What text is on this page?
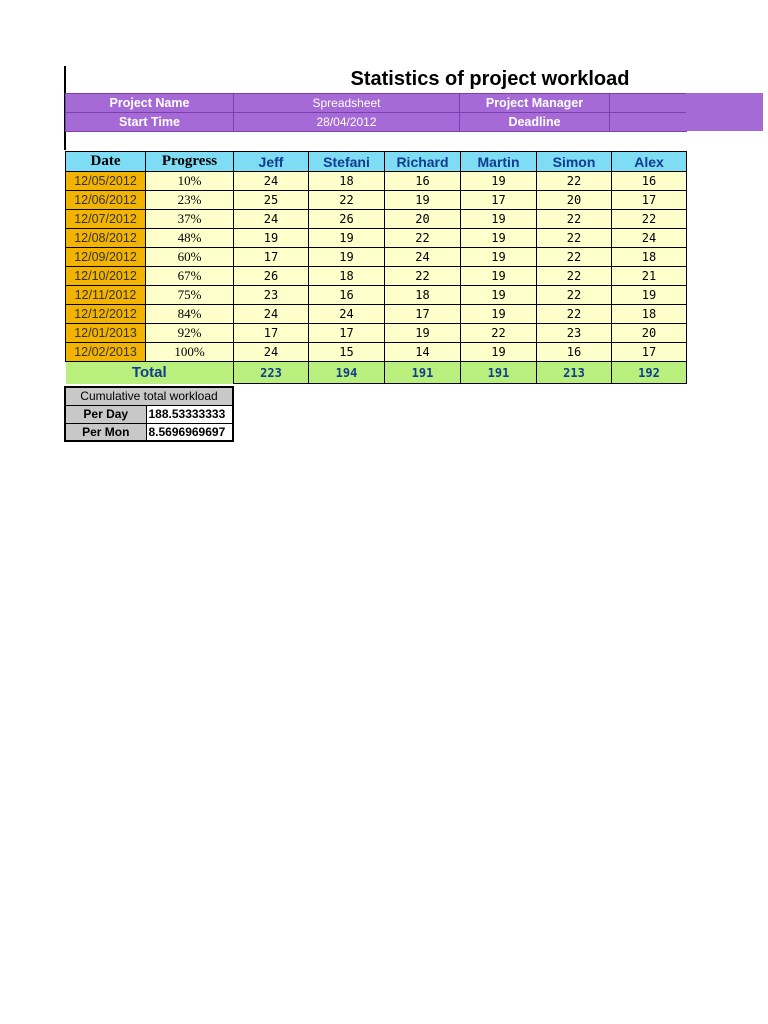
Statistics of project workload
Project Name	Spreadsheet	Project Manager	
Start Time	28/04/2012	Deadline	
Date	Progress	Jeff	Stefani	Richard	Martin	Simon	Alex
12/05/2012	10%	24	18	16	19	22	16
12/06/2012	23%	25	22	19	17	20	17
12/07/2012	37%	24	26	20	19	22	22
12/08/2012	48%	19	19	22	19	22	24
12/09/2012	60%	17	19	24	19	22	18
12/10/2012	67%	26	18	22	19	22	21
12/11/2012	75%	23	16	18	19	22	19
12/12/2012	84%	24	24	17	19	22	18
12/01/2013	92%	17	17	19	22	23	20
12/02/2013	100%	24	15	14	19	16	17
Total		223	194	191	191	213	192
Cumulative total workload	
Per Day	188.53333333
Per Mon	8.5696969697
